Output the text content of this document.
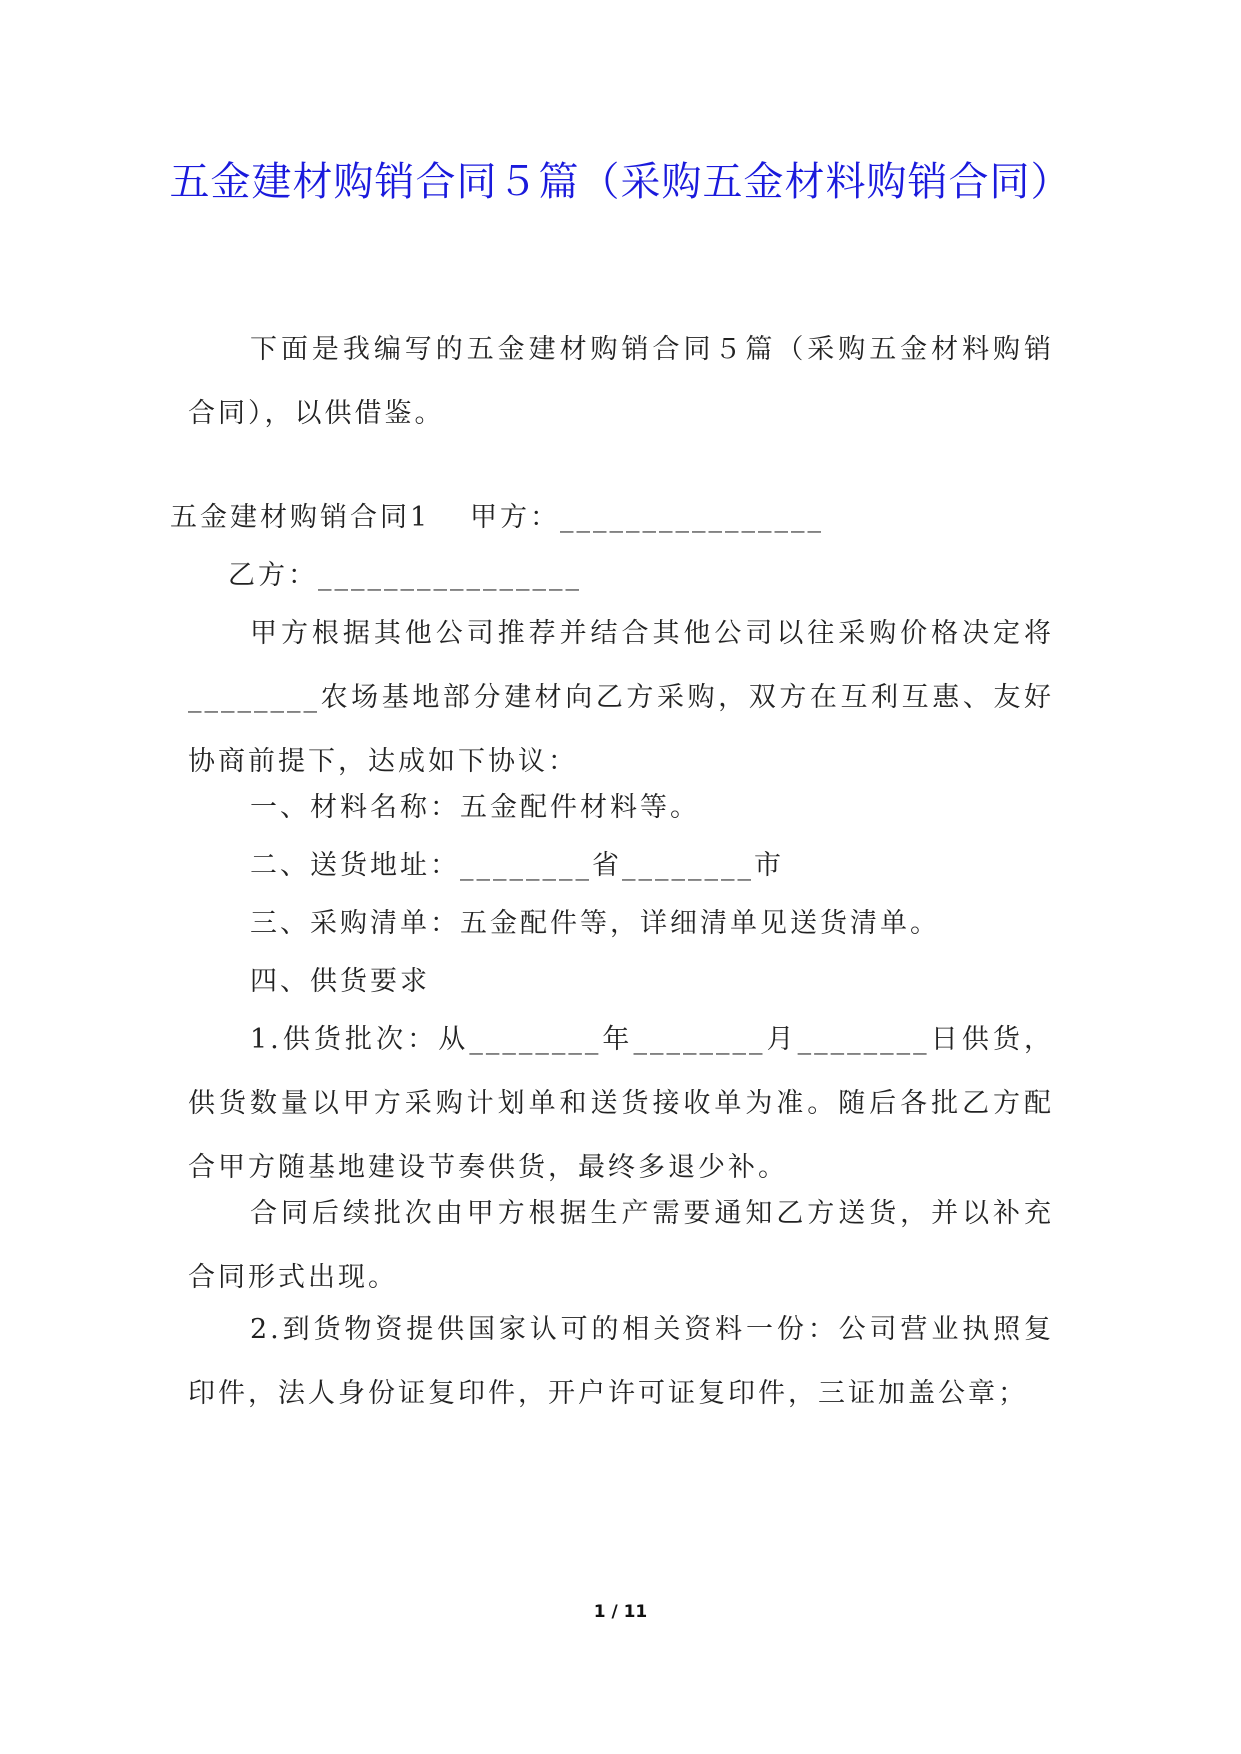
五金建材购销合同５篇（采购五金材料购销合同）
下面是我编写的五金建材购销合同５篇（采购五金材料购销合同），以供借鉴。
五金建材购销合同1 甲方：________________
乙方：________________
甲方根据其他公司推荐并结合其他公司以往采购价格决定将________农场基地部分建材向乙方采购，双方在互利互惠、友好协商前提下，达成如下协议：
一、材料名称：五金配件材料等。
二、送货地址：________省________市
三、采购清单：五金配件等，详细清单见送货清单。
四、供货要求
1.供货批次：从________年________月________日供货，供货数量以甲方采购计划单和送货接收单为准。随后各批乙方配合甲方随基地建设节奏供货，最终多退少补。
合同后续批次由甲方根据生产需要通知乙方送货，并以补充合同形式出现。
2.到货物资提供国家认可的相关资料一份：公司营业执照复印件，法人身份证复印件，开户许可证复印件，三证加盖公章；
1 / 11
